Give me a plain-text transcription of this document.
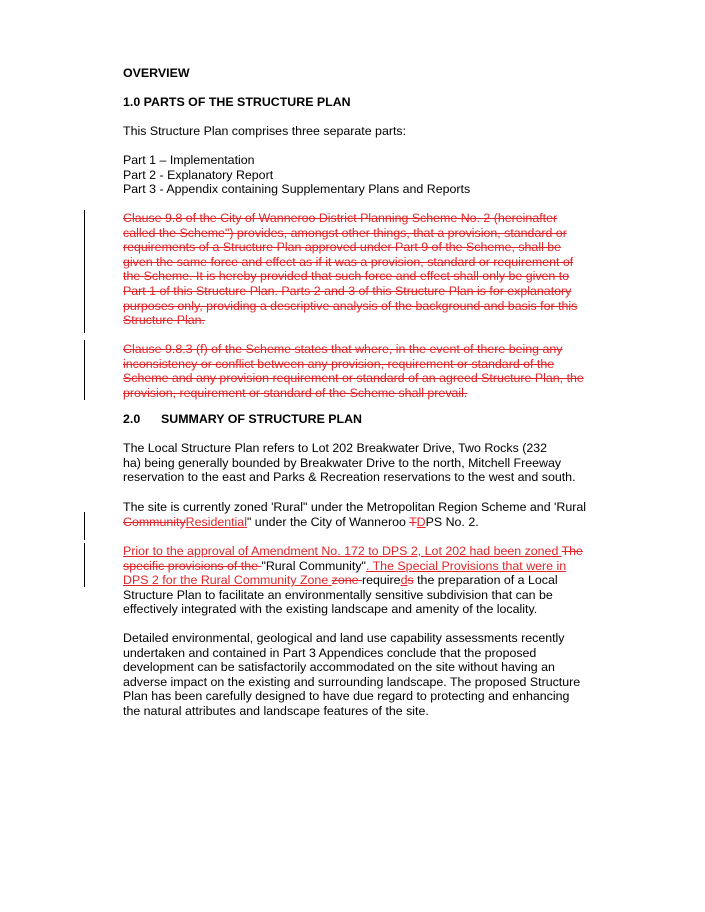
OVERVIEW
1.0 PARTS OF THE STRUCTURE PLAN
This Structure Plan comprises three separate parts:
Part 1 – Implementation
Part 2 - Explanatory Report
Part 3 - Appendix containing Supplementary Plans and Reports
Clause 9.8 of the City of Wanneroo District Planning Scheme No. 2 (hereinafter
called the Scheme") provides, amongst other things, that a provision, standard or
requirements of a Structure Plan approved under Part 9 of the Scheme, shall be
given the same force and effect as if it was a provision, standard or requirement of
the Scheme. It is hereby provided that such force and effect shall only be given to
Part 1 of this Structure Plan. Parts 2 and 3 of this Structure Plan is for explanatory
purposes only, providing a descriptive analysis of the background and basis for this
Structure Plan.
Clause 9.8.3 (f) of the Scheme states that where, in the event of there being any
inconsistency or conflict between any provision, requirement or standard of the
Scheme and any provision requirement or standard of an agreed Structure Plan, the
provision, requirement or standard of the Scheme shall prevail.
2.0 SUMMARY OF STRUCTURE PLAN
The Local Structure Plan refers to Lot 202 Breakwater Drive, Two Rocks (232
ha) being generally bounded by Breakwater Drive to the north, Mitchell Freeway
reservation to the east and Parks & Recreation reservations to the west and south.
The site is currently zoned 'Rural" under the Metropolitan Region Scheme and 'Rural
CommunityResidential" under the City of Wanneroo TDPS No. 2.
Prior to the approval of Amendment No. 172 to DPS 2, Lot 202 had been zoned The
specific provisions of the "Rural Community". The Special Provisions that were in
DPS 2 for the Rural Community Zone zone requireds the preparation of a Local
Structure Plan to facilitate an environmentally sensitive subdivision that can be
effectively integrated with the existing landscape and amenity of the locality.
Detailed environmental, geological and land use capability assessments recently
undertaken and contained in Part 3 Appendices conclude that the proposed
development can be satisfactorily accommodated on the site without having an
adverse impact on the existing and surrounding landscape. The proposed Structure
Plan has been carefully designed to have due regard to protecting and enhancing
the natural attributes and landscape features of the site.
